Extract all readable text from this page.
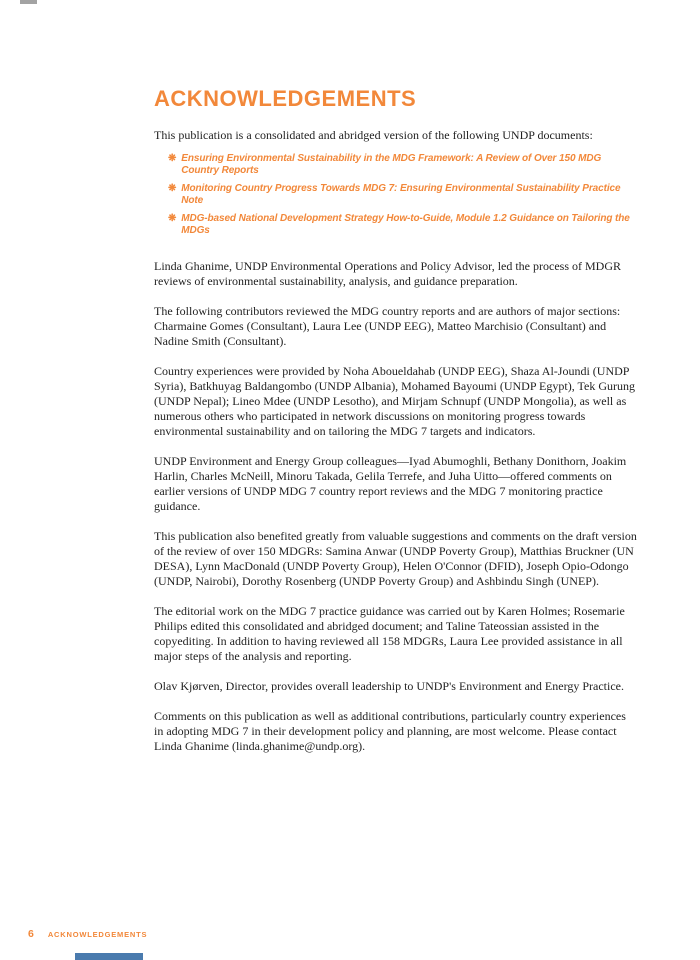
ACKNOWLEDGEMENTS

This publication is a consolidated and abridged version of the following UNDP documents:

❋ Ensuring Environmental Sustainability in the MDG Framework: A Review of Over 150 MDG Country Reports
❋ Monitoring Country Progress Towards MDG 7: Ensuring Environmental Sustainability Practice Note
❋ MDG-based National Development Strategy How-to-Guide, Module 1.2 Guidance on Tailoring the MDGs

Linda Ghanime, UNDP Environmental Operations and Policy Advisor, led the process of MDGR reviews of environmental sustainability, analysis, and guidance preparation.

The following contributors reviewed the MDG country reports and are authors of major sections: Charmaine Gomes (Consultant), Laura Lee (UNDP EEG), Matteo Marchisio (Consultant) and Nadine Smith (Consultant).

Country experiences were provided by Noha Aboueldahab (UNDP EEG), Shaza Al-Joundi (UNDP Syria), Batkhuyag Baldangombo (UNDP Albania), Mohamed Bayoumi (UNDP Egypt), Tek Gurung (UNDP Nepal); Lineo Mdee (UNDP Lesotho), and Mirjam Schnupf (UNDP Mongolia), as well as numerous others who participated in network discussions on monitoring progress towards environmental sustainability and on tailoring the MDG 7 targets and indicators.

UNDP Environment and Energy Group colleagues—Iyad Abumoghli, Bethany Donithorn, Joakim Harlin, Charles McNeill, Minoru Takada, Gelila Terrefe, and Juha Uitto—offered comments on earlier versions of UNDP MDG 7 country report reviews and the MDG 7 monitoring practice guidance.

This publication also benefited greatly from valuable suggestions and comments on the draft version of the review of over 150 MDGRs: Samina Anwar (UNDP Poverty Group), Matthias Bruckner (UN DESA), Lynn MacDonald (UNDP Poverty Group), Helen O'Connor (DFID), Joseph Opio-Odongo (UNDP, Nairobi), Dorothy Rosenberg (UNDP Poverty Group) and Ashbindu Singh (UNEP).

The editorial work on the MDG 7 practice guidance was carried out by Karen Holmes; Rosemarie Philips edited this consolidated and abridged document; and Taline Tateossian assisted in the copyediting. In addition to having reviewed all 158 MDGRs, Laura Lee provided assistance in all major steps of the analysis and reporting.

Olav Kjørven, Director, provides overall leadership to UNDP's Environment and Energy Practice.

Comments on this publication as well as additional contributions, particularly country experiences in adopting MDG 7 in their development policy and planning, are most welcome. Please contact Linda Ghanime (linda.ghanime@undp.org).

6 ACKNOWLEDGEMENTS
